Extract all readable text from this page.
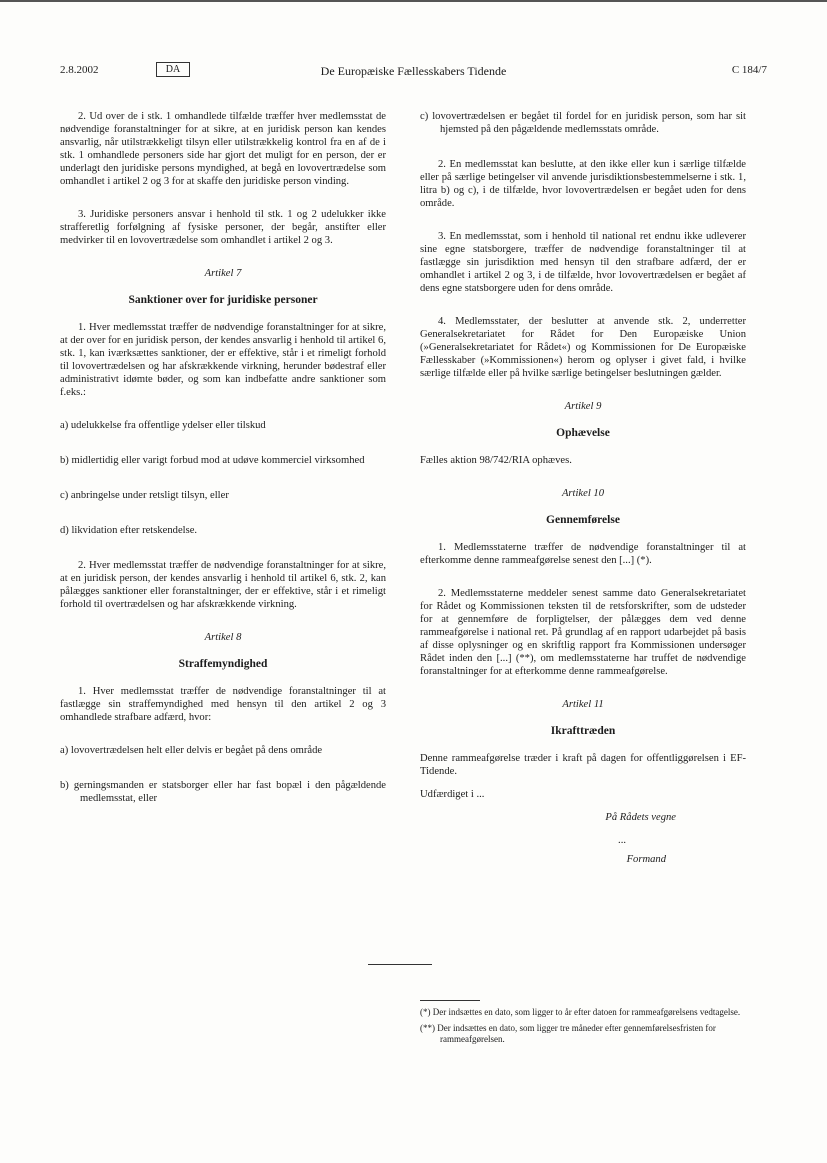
2.8.2002	DA	De Europæiske Fællesskabers Tidende	C 184/7

2. Ud over de i stk. 1 omhandlede tilfælde træffer hver medlemsstat de nødvendige foranstaltninger for at sikre, at en juridisk person kan kendes ansvarlig, når utilstrækkeligt tilsyn eller utilstrækkelig kontrol fra en af de i stk. 1 omhandlede personers side har gjort det muligt for en person, der er underlagt den juridiske persons myndighed, at begå en lovovertrædelse som omhandlet i artikel 2 og 3 for at skaffe den juridiske person vinding.

3. Juridiske personers ansvar i henhold til stk. 1 og 2 udelukker ikke strafferetlig forfølgning af fysiske personer, der begår, anstifter eller medvirker til en lovovertrædelse som omhandlet i artikel 2 og 3.

Artikel 7
Sanktioner over for juridiske personer

1. Hver medlemsstat træffer de nødvendige foranstaltninger for at sikre, at der over for en juridisk person, der kendes ansvarlig i henhold til artikel 6, stk. 1, kan iværksættes sanktioner, der er effektive, står i et rimeligt forhold til lovovertrædelsen og har afskrækkende virkning, herunder bødestraf eller administrativt idømte bøder, og som kan indbefatte andre sanktioner som f.eks.:

a) udelukkelse fra offentlige ydelser eller tilskud
b) midlertidig eller varigt forbud mod at udøve kommerciel virksomhed
c) anbringelse under retsligt tilsyn, eller
d) likvidation efter retskendelse.

2. Hver medlemsstat træffer de nødvendige foranstaltninger for at sikre, at en juridisk person, der kendes ansvarlig i henhold til artikel 6, stk. 2, kan pålægges sanktioner eller foranstaltninger, der er effektive, står i et rimeligt forhold til overtrædelsen og har afskrækkende virkning.

Artikel 8
Straffemyndighed

1. Hver medlemsstat træffer de nødvendige foranstaltninger til at fastlægge sin straffemyndighed med hensyn til den artikel 2 og 3 omhandlede strafbare adfærd, hvor:

a) lovovertrædelsen helt eller delvis er begået på dens område
b) gerningsmanden er statsborger eller har fast bopæl i den pågældende medlemsstat, eller
c) lovovertrædelsen er begået til fordel for en juridisk person, som har sit hjemsted på den pågældende medlemsstats område.

2. En medlemsstat kan beslutte, at den ikke eller kun i særlige tilfælde eller på særlige betingelser vil anvende jurisdiktionsbestemmelserne i stk. 1, litra b) og c), i de tilfælde, hvor lovovertrædelsen er begået uden for dens område.

3. En medlemsstat, som i henhold til national ret endnu ikke udleverer sine egne statsborgere, træffer de nødvendige foranstaltninger til at fastlægge sin jurisdiktion med hensyn til den strafbare adfærd, der er omhandlet i artikel 2 og 3, i de tilfælde, hvor lovovertrædelsen er begået af dens egne statsborgere uden for dens område.

4. Medlemsstater, der beslutter at anvende stk. 2, underretter Generalsekretariatet for Rådet for Den Europæiske Union (»Generalsekretariatet for Rådet«) og Kommissionen for De Europæiske Fællesskaber (»Kommissionen«) herom og oplyser i givet fald, i hvilke særlige tilfælde eller på hvilke særlige betingelser beslutningen gælder.

Artikel 9
Ophævelse

Fælles aktion 98/742/RIA ophæves.

Artikel 10
Gennemførelse

1. Medlemsstaterne træffer de nødvendige foranstaltninger til at efterkomme denne rammeafgørelse senest den [...] (*).

2. Medlemsstaterne meddeler senest samme dato Generalsekretariatet for Rådet og Kommissionen teksten til de retsforskrifter, som de udsteder for at gennemføre de forpligtelser, der pålægges dem ved denne rammeafgørelse i national ret. På grundlag af en rapport udarbejdet på basis af disse oplysninger og en skriftlig rapport fra Kommissionen undersøger Rådet inden den [...] (**), om medlemsstaterne har truffet de nødvendige foranstaltninger for at efterkomme denne rammeafgørelse.

Artikel 11
Ikrafttræden

Denne rammeafgørelse træder i kraft på dagen for offentliggørelsen i EF-Tidende.

Udfærdiget i ...

På Rådets vegne
...
Formand
(*) Der indsættes en dato, som ligger to år efter datoen for rammeafgørelsens vedtagelse.
(**) Der indsættes en dato, som ligger tre måneder efter gennemførelsesfristen for rammeafgørelsen.
